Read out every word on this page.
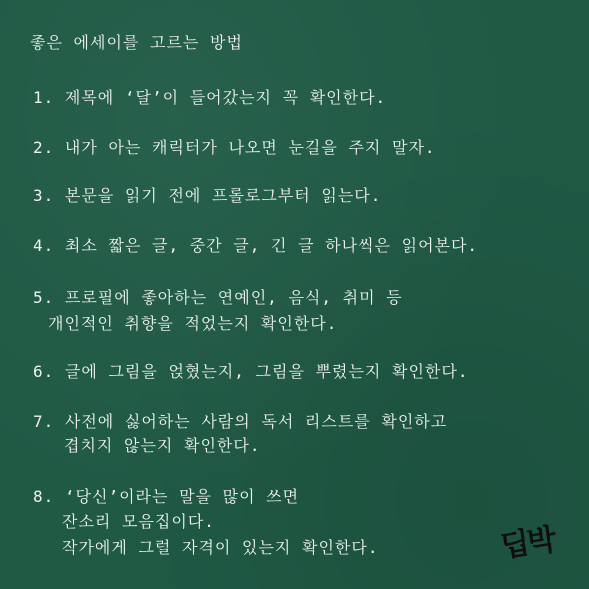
좋은 에세이를 고르는 방법
1. 제목에 ‘달’이 들어갔는지 꼭 확인한다.
2. 내가 아는 캐릭터가 나오면 눈길을 주지 말자.
3. 본문을 읽기 전에 프롤로그부터 읽는다.
4. 최소 짧은 글, 중간 글, 긴 글 하나씩은 읽어본다.
5. 프로필에 좋아하는 연예인, 음식, 취미 등
개인적인 취향을 적었는지 확인한다.
6. 글에 그림을 얹혔는지, 그림을 뿌렸는지 확인한다.
7. 사전에 싫어하는 사람의 독서 리스트를 확인하고
겹치지 않는지 확인한다.
8. ‘당신’이라는 말을 많이 쓰면
잔소리 모음집이다.
작가에게 그럴 자격이 있는지 확인한다.	딥박
